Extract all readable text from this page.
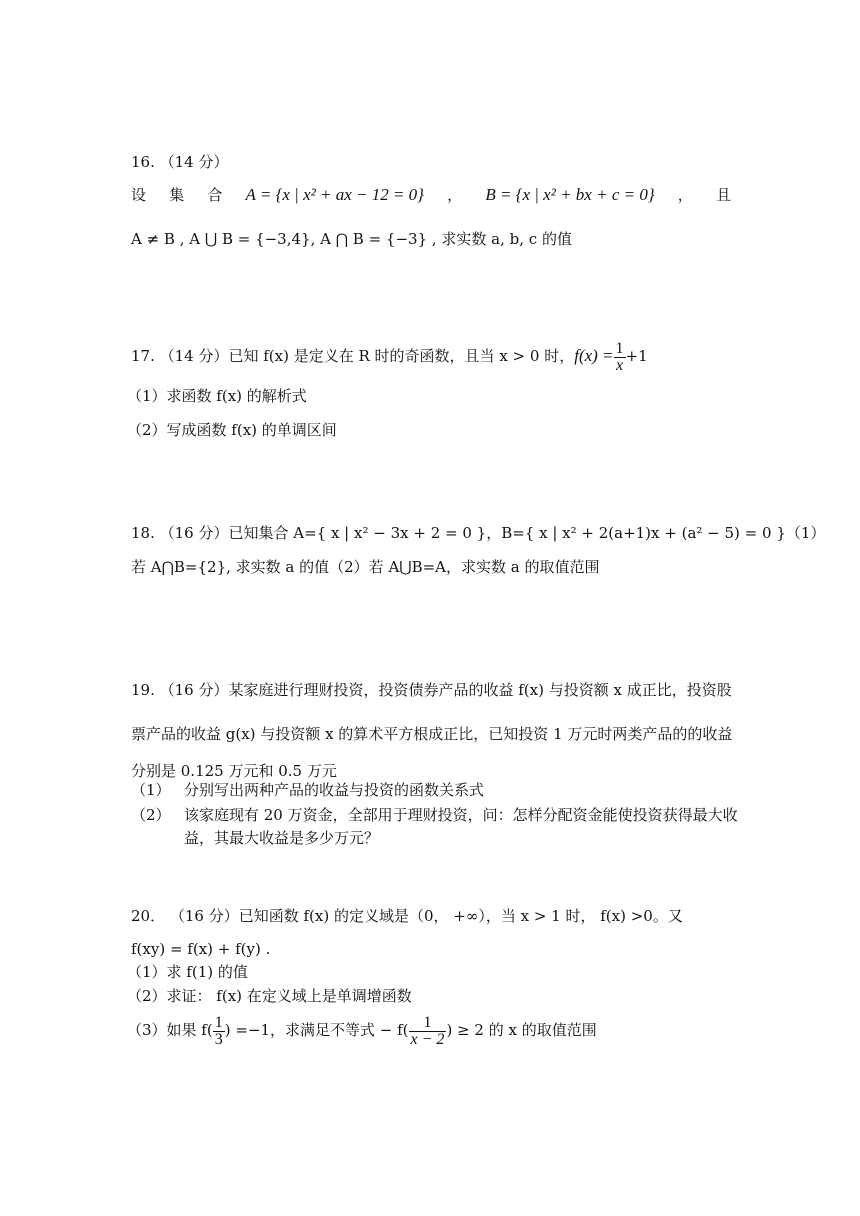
16. （14 分）
设 集 合 A = {x | x² + ax − 12 = 0} ， B = {x | x² + bx + c = 0} ， 且
A ≠ B , A ⋃ B = {−3,4}, A ⋂ B = {−3} , 求实数 a, b, c 的值
17. （14 分）已知 f(x) 是定义在 R 时的奇函数，且当 x > 0 时，$f(x) = \frac{1}{x} +1$
（1）求函数 f(x) 的解析式
（2）写成函数 f(x) 的单调区间
18. （16 分）已知集合 A={ x | x² − 3x + 2 = 0 }，B={ x | x² + 2(a+1)x + (a² − 5) = 0 }（1）
若 A⋂B={2}, 求实数 a 的值（2）若 A⋃B=A，求实数 a 的取值范围
19. （16 分）某家庭进行理财投资，投资债券产品的收益 f(x) 与投资额 x 成正比，投资股
票产品的收益 g(x) 与投资额 x 的算术平方根成正比，已知投资 1 万元时两类产品的的收益
分别是 0.125 万元和 0.5 万元
（1） 分别写出两种产品的收益与投资的函数关系式
（2） 该家庭现有 20 万资金，全部用于理财投资，问：怎样分配资金能使投资获得最大收
益，其最大收益是多少万元？
20． （16 分）已知函数 f(x) 的定义域是（0， +∞），当 x > 1 时， f(x) >0。又
f(xy) = f(x) + f(y) .
（1）求 f(1) 的值
（2）求证： f(x) 在定义域上是单调增函数
（3）如果 $f( \frac{1}{3}$ ) =−1，求满足不等式 − $f( \frac{1}{x - 2}$ ) ≥ 2 的 x 的取值范围
